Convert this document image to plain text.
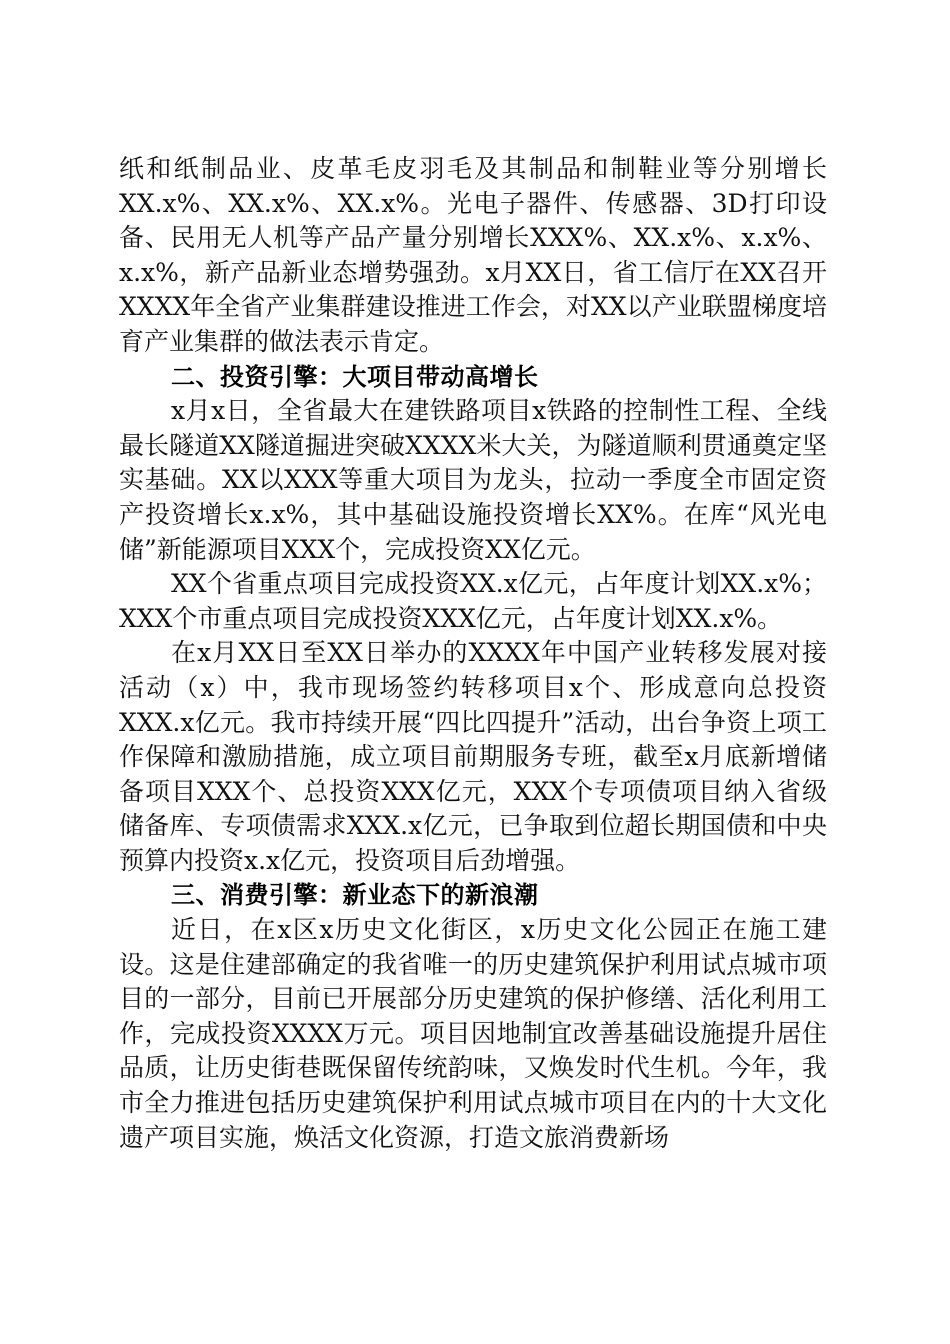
纸和纸制品业、皮革毛皮羽毛及其制品和制鞋业等分别增长XX.x%、XX.x%、XX.x%。光电子器件、传感器、3D打印设备、民用无人机等产品产量分别增长XXX%、XX.x%、x.x%、x.x%，新产品新业态增势强劲。x月XX日，省工信厅在XX召开XXXX年全省产业集群建设推进工作会，对XX以产业联盟梯度培育产业集群的做法表示肯定。

二、投资引擎：大项目带动高增长

x月x日，全省最大在建铁路项目x铁路的控制性工程、全线最长隧道XX隧道掘进突破XXXX米大关，为隧道顺利贯通奠定坚实基础。XX以XXX等重大项目为龙头，拉动一季度全市固定资产投资增长x.x%，其中基础设施投资增长XX%。在库“风光电储”新能源项目XXX个，完成投资XX亿元。

XX个省重点项目完成投资XX.x亿元，占年度计划XX.x%；XXX个市重点项目完成投资XXX亿元，占年度计划XX.x%。

在x月XX日至XX日举办的XXXX年中国产业转移发展对接活动（x）中，我市现场签约转移项目x个、形成意向总投资XXX.x亿元。我市持续开展“四比四提升”活动，出台争资上项工作保障和激励措施，成立项目前期服务专班，截至x月底新增储备项目XXX个、总投资XXX亿元，XXX个专项债项目纳入省级储备库、专项债需求XXX.x亿元，已争取到位超长期国债和中央预算内投资x.x亿元，投资项目后劲增强。

三、消费引擎：新业态下的新浪潮

近日，在x区x历史文化街区，x历史文化公园正在施工建设。这是住建部确定的我省唯一的历史建筑保护利用试点城市项目的一部分，目前已开展部分历史建筑的保护修缮、活化利用工作，完成投资XXXX万元。项目因地制宜改善基础设施提升居住品质，让历史街巷既保留传统韵味，又焕发时代生机。今年，我市全力推进包括历史建筑保护利用试点城市项目在内的十大文化遗产项目实施，焕活文化资源，打造文旅消费新场
